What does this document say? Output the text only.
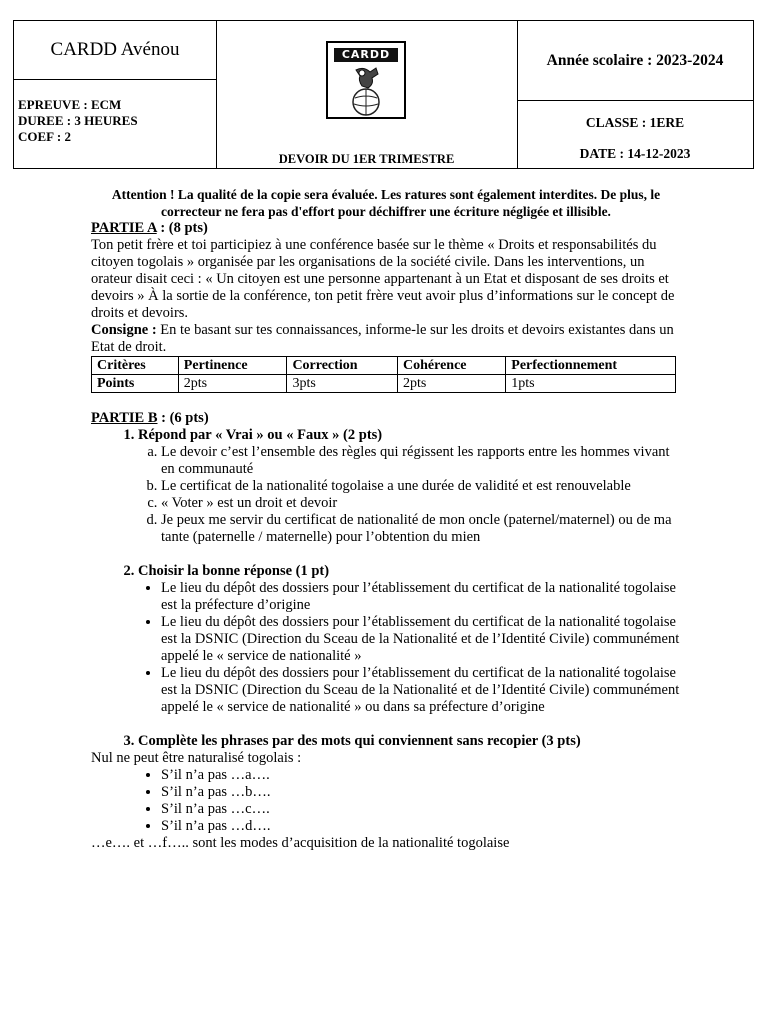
CARDD Avénou
EPREUVE : ECM
DUREE : 3 HEURES
COEF : 2
CARDD
DEVOIR DU 1ER TRIMESTRE
Année scolaire : 2023-2024
CLASSE : 1ERE
DATE : 14-12-2023

Attention ! La qualité de la copie sera évaluée. Les ratures sont également interdites. De plus, le correcteur ne fera pas d'effort pour déchiffrer une écriture négligée et illisible.

PARTIE A : (8 pts)

Ton petit frère et toi participiez à une conférence basée sur le thème « Droits et responsabilités du citoyen togolais » organisée par les organisations de la société civile. Dans les interventions, un orateur disait ceci : « Un citoyen est une personne appartenant à un Etat et disposant de ses droits et devoirs » À la sortie de la conférence, ton petit frère veut avoir plus d’informations sur le concept de droits et devoirs.

Consigne : En te basant sur tes connaissances, informe-le sur les droits et devoirs existantes dans un Etat de droit.

Critères	Pertinence	Correction	Cohérence	Perfectionnement
Points	2pts	3pts	2pts	1pts

PARTIE B : (6 pts)

1. Répond par « Vrai » ou « Faux » (2 pts)
a. Le devoir c’est l’ensemble des règles qui régissent les rapports entre les hommes vivant en communauté
b. Le certificat de la nationalité togolaise a une durée de validité et est renouvelable
c. « Voter » est un droit et devoir
d. Je peux me servir du certificat de nationalité de mon oncle (paternel/maternel) ou de ma tante (paternelle / maternelle) pour l’obtention du mien
2. Choisir la bonne réponse (1 pt)
• Le lieu du dépôt des dossiers pour l’établissement du certificat de la nationalité togolaise est la préfecture d’origine
• Le lieu du dépôt des dossiers pour l’établissement du certificat de la nationalité togolaise est la DSNIC (Direction du Sceau de la Nationalité et de l’Identité Civile) communément appelé le « service de nationalité »
• Le lieu du dépôt des dossiers pour l’établissement du certificat de la nationalité togolaise est la DSNIC (Direction du Sceau de la Nationalité et de l’Identité Civile) communément appelé le « service de nationalité » ou dans sa préfecture d’origine
3. Complète les phrases par des mots qui conviennent sans recopier (3 pts)

Nul ne peut être naturalisé togolais :

• S’il n’a pas …a….
• S’il n’a pas …b….
• S’il n’a pas …c….
• S’il n’a pas …d….

…e…. et …f….. sont les modes d’acquisition de la nationalité togolaise
